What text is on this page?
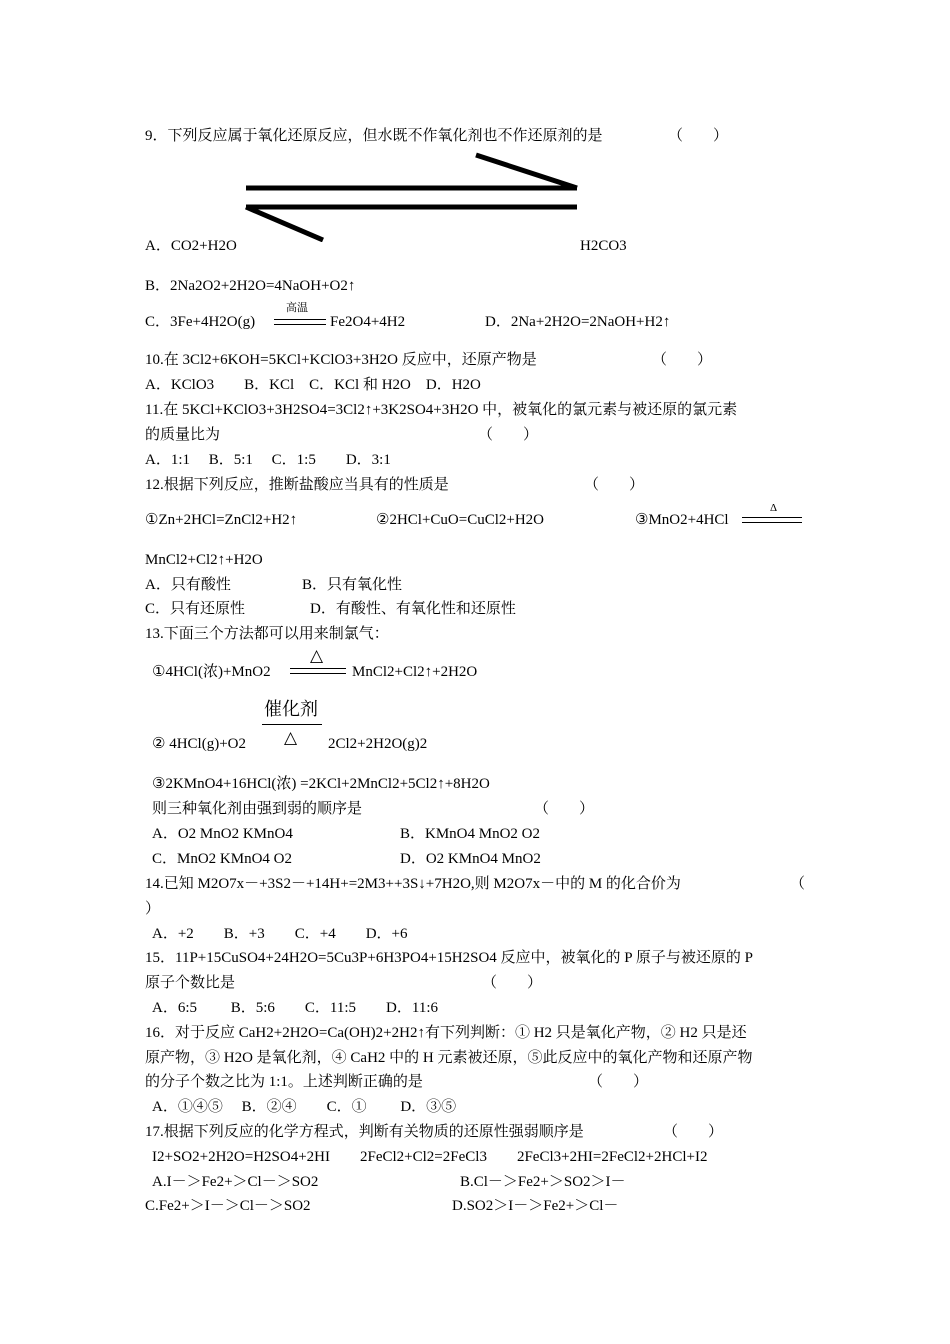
9．下列反应属于氧化还原反应，但水既不作氧化剂也不作还原剂的是	（　　）
A．CO2+H2O	H2CO3
B．2Na2O2+2H2O=4NaOH+O2↑
C．3Fe+4H2O(g)
高温
Fe2O4+4H2	D．2Na+2H2O=2NaOH+H2↑
10.在 3Cl2+6KOH=5KCl+KClO3+3H2O 反应中，还原产物是	（　　）
A．KClO3　　B．KCl　C．KCl 和 H2O　D．H2O
11.在 5KCl+KClO3+3H2SO4=3Cl2↑+3K2SO4+3H2O 中，被氧化的氯元素与被还原的氯元素
的质量比为	（　　）
A．1:1　 B．5:1　 C．1:5　　D．3:1
12.根据下列反应，推断盐酸应当具有的性质是	（　　）
①Zn+2HCl=ZnCl2+H2↑	②2HCl+CuO=CuCl2+H2O	③MnO2+4HCl
Δ
MnCl2+Cl2↑+H2O
A．只有酸性	B．只有氧化性
C．只有还原性	D．有酸性、有氧化性和还原性
13.下面三个方法都可以用来制氯气：
①4HCl(浓)+MnO2
△
MnCl2+Cl2↑+2H2O
催化剂
△
② 4HCl(g)+O2	2Cl2+2H2O(g)2
③2KMnO4+16HCl(浓) =2KCl+2MnCl2+5Cl2↑+8H2O
则三种氧化剂由强到弱的顺序是	（　　）
A．O2 MnO2 KMnO4	B．KMnO4 MnO2 O2
C．MnO2 KMnO4 O2	D．O2 KMnO4 MnO2
14.已知 M2O7x－+3S2－+14H+=2M3++3S↓+7H2O,则 M2O7x－中的 M 的化合价为	（
）
A．+2　　B．+3　　C．+4　　D．+6
15．11P+15CuSO4+24H2O=5Cu3P+6H3PO4+15H2SO4 反应中，被氧化的 P 原子与被还原的 P
原子个数比是	（　　）
A．6:5　　 B．5:6　　C．11:5　　D．11:6
16．对于反应 CaH2+2H2O=Ca(OH)2+2H2↑有下列判断：① H2 只是氧化产物，② H2 只是还
原产物，③ H2O 是氧化剂，④ CaH2 中的 H 元素被还原，⑤此反应中的氧化产物和还原产物
的分子个数之比为 1:1。上述判断正确的是	（　　）
A．①④⑤　 B．②④　　C．①　　 D．③⑤
17.根据下列反应的化学方程式，判断有关物质的还原性强弱顺序是	（　　）
I2+SO2+2H2O=H2SO4+2HI　　2FeCl2+Cl2=2FeCl3　　2FeCl3+2HI=2FeCl2+2HCl+I2
A.I－＞Fe2+＞Cl－＞SO2	B.Cl－＞Fe2+＞SO2＞I－
C.Fe2+＞I－＞Cl－＞SO2	D.SO2＞I－＞Fe2+＞Cl－
